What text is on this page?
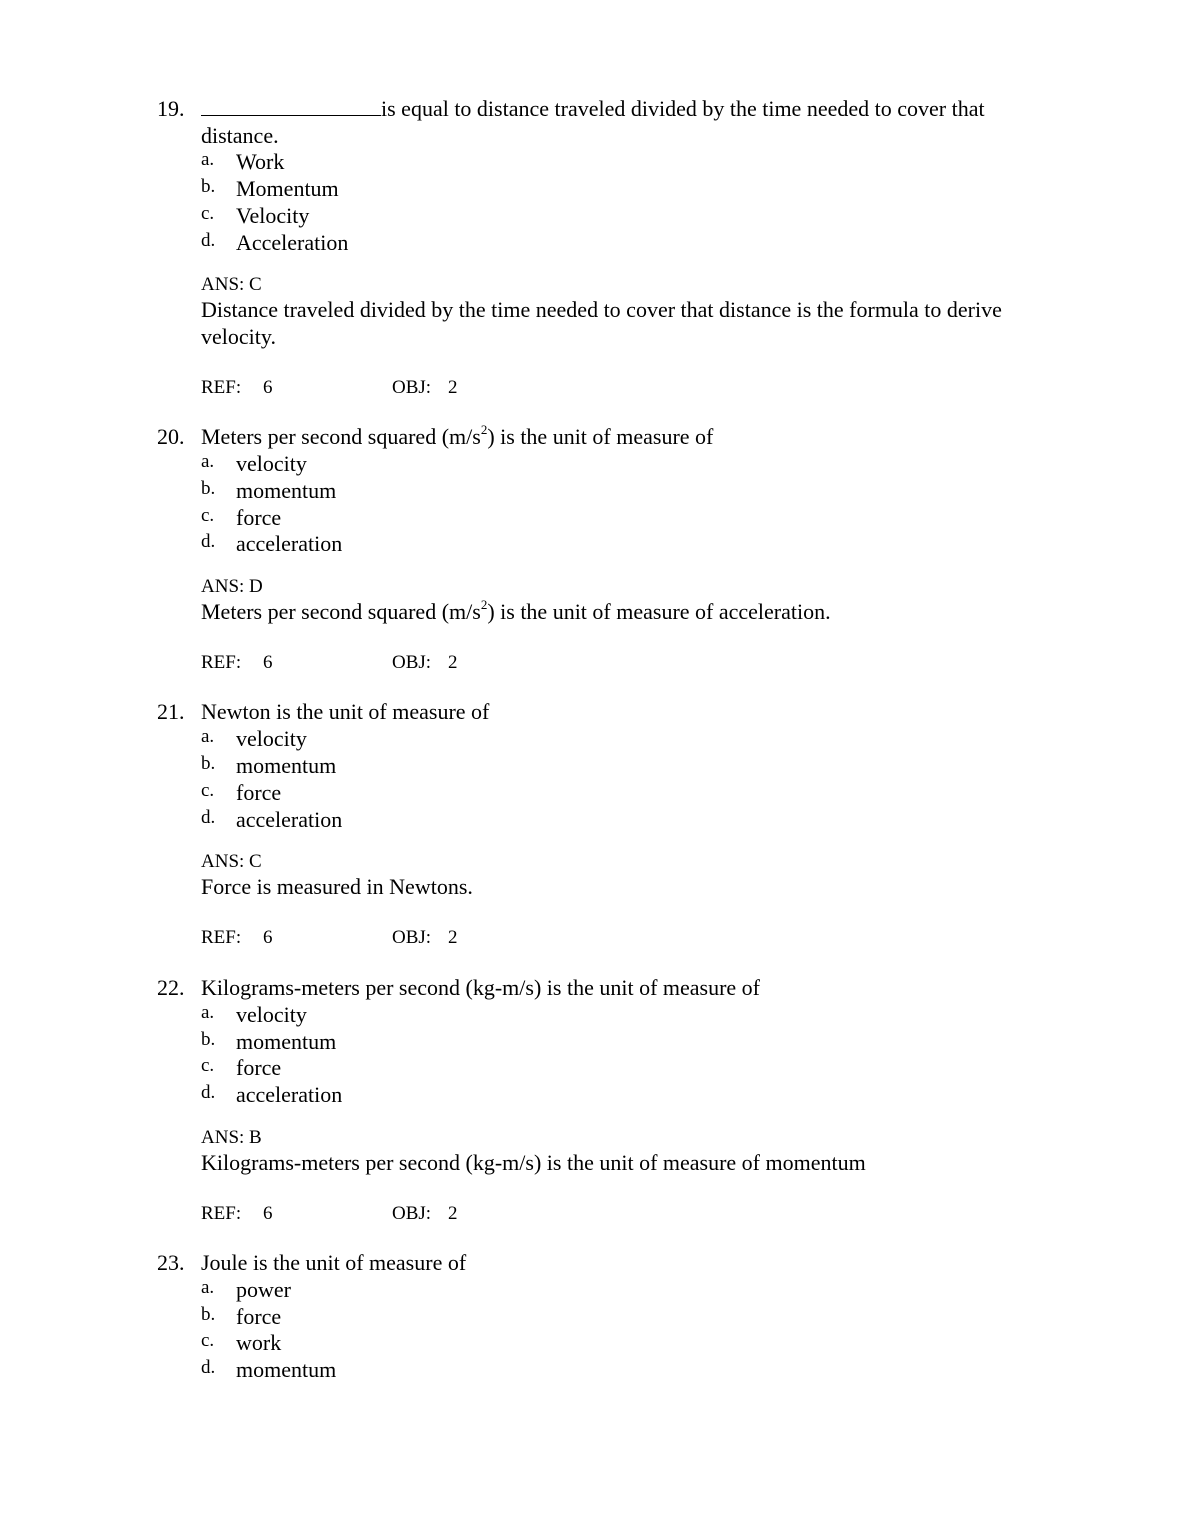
19.	is equal to distance traveled divided by the time needed to cover that distance.
a. Work
b. Momentum
c. Velocity
d. Acceleration
ANS: C
Distance traveled divided by the time needed to cover that distance is the formula to derive velocity.
REF: 6	OBJ: 2
20. Meters per second squared $(m/s^2)$ is the unit of measure of
a. velocity
b. momentum
c. force
d. acceleration
ANS: D
Meters per second squared $(m/s^2)$ is the unit of measure of acceleration.
REF: 6	OBJ: 2
21. Newton is the unit of measure of
a. velocity
b. momentum
c. force
d. acceleration
ANS: C
Force is measured in Newtons.
REF: 6	OBJ: 2
22. Kilograms-meters per second (kg-m/s) is the unit of measure of
a. velocity
b. momentum
c. force
d. acceleration
ANS: B
Kilograms-meters per second (kg-m/s) is the unit of measure of momentum
REF: 6	OBJ: 2
23. Joule is the unit of measure of
a. power
b. force
c. work
d. momentum
